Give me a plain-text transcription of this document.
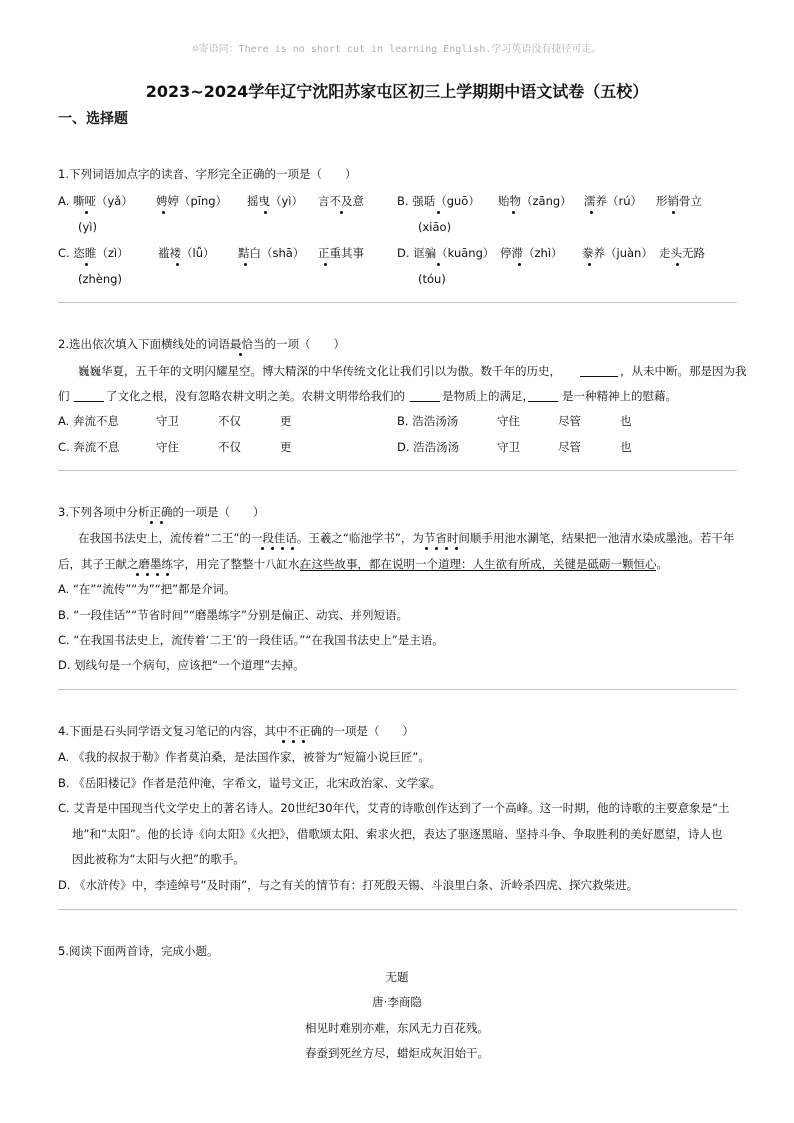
☺寄语同：There is no short cut in learning English.学习英语没有捷径可走。
2023~2024学年辽宁沈阳苏家屯区初三上学期期中语文试卷（五校）
一、选择题
1.下列词语加点字的读音、字形完全正确的一项是（　　）
A. 嘶哑（yǎ） 娉婷（pīng） 摇曳（yì） 言不及意
(yì)
B. 强聒（guō） 贻物（zāng） 濡养（rú） 形销骨立
(xiāo)
C. 恣睢（zì）	褴褛（lǚ） 黠白（shā） 正重其事
(zhèng)
D. 诓骗（kuāng） 停滞（zhì） 豢养（juàn） 走头无路
(tóu)
2.选出依次填入下面横线处的词语最恰当的一项（　　）
巍巍华夏，五千年的文明闪耀星空。博大精深的中华传统文化让我们引以为傲。数千年的历史，	，从未中断。那是因为我
们	了文化之根，没有忽略农耕文明之美。农耕文明带给我们的	是物质上的满足， 是一种精神上的慰藉。
A. 奔流不息	守卫	不仅	更	B. 浩浩汤汤	守住	尽管	也
C. 奔流不息	守住	不仅	更	D. 浩浩汤汤	守卫	尽管	也
3.下列各项中分析正确的一项是（　　）
在我国书法史上，流传着“二王”的一段佳话。王羲之“临池学书”，为节省时间顺手用池水涮笔，结果把一池清水染成墨池。若干年
后，其子王献之磨墨练字，用完了整整十八缸水。
在这些故事，都在说明一个道理：人生欲有所成，关键是砥砺一颗恒心。
A. “在”“流传”“为”“把”都是介词。
B. “一段佳话”“节省时间”“磨墨练字”分别是偏正、动宾、并列短语。
C. “在我国书法史上，流传着‘二王’的一段佳话。”“在我国书法史上”是主语。
D. 划线句是一个病句，应该把“一个道理”去掉。
4.下面是石头同学语文复习笔记的内容，其中不正确的一项是（　　）
A. 《我的叔叔于勒》作者莫泊桑，是法国作家，被誉为“短篇小说巨匠”。
B. 《岳阳楼记》作者是范仲淹，字希文，谥号文正，北宋政治家、文学家。
C. 艾青是中国现当代文学史上的著名诗人。20世纪30年代，艾青的诗歌创作达到了一个高峰。这一时期，他的诗歌的主要意象是“土
地”和“太阳”。他的长诗《向太阳》《火把》，借歌颂太阳、索求火把，表达了驱逐黑暗、坚持斗争、争取胜利的美好愿望，诗人也
因此被称为“太阳与火把”的歌手。
D. 《水浒传》中，李逵绰号“及时雨”，与之有关的情节有：打死殷天锡、斗浪里白条、沂岭杀四虎、探穴救柴进。
5.阅读下面两首诗，完成小题。
无题
唐·李商隐
相见时难别亦难，东风无力百花残。
春蚕到死丝方尽，蜡炬成灰泪始干。
